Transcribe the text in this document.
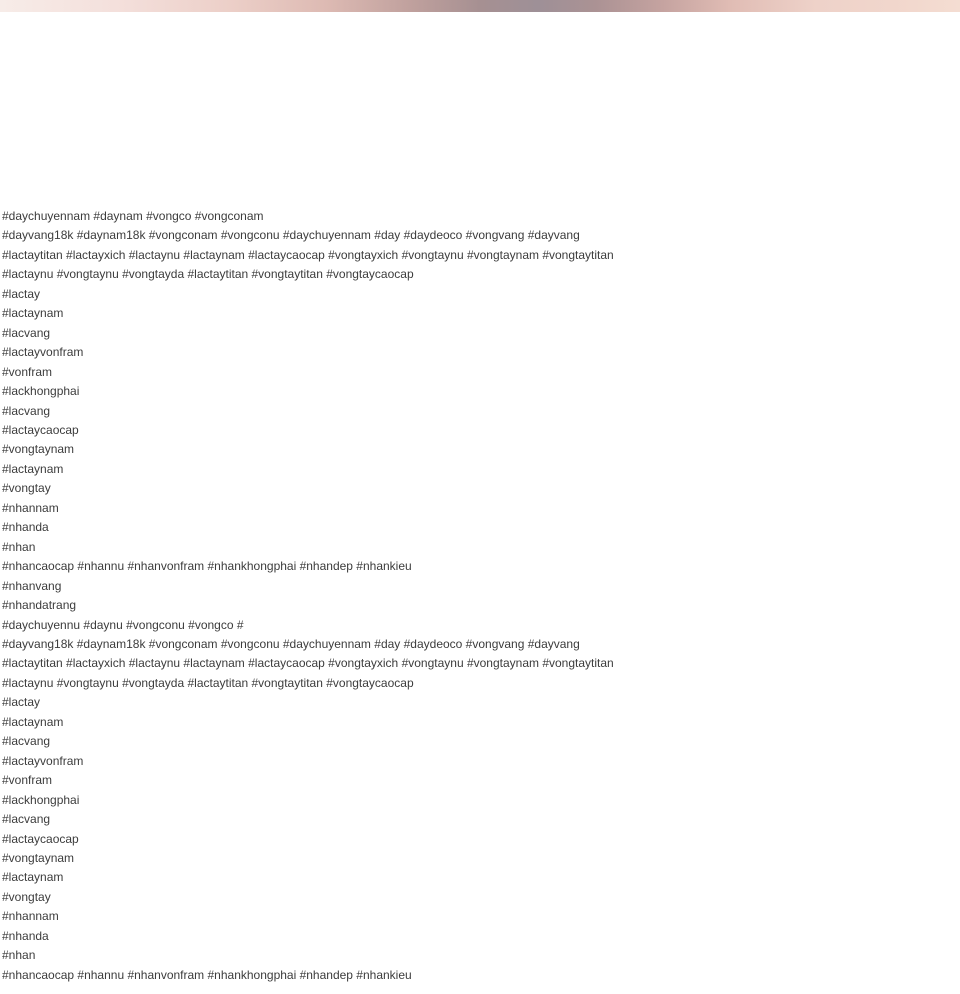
#daychuyennam #daynam #vongco #vongconam

#dayvang18k #daynam18k #vongconam #vongconu #daychuyennam #day #daydeoco #vongvang #dayvang

#lactaytitan #lactayxich #lactaynu #lactaynam #lactaycaocap #vongtayxich #vongtaynu #vongtaynam #vongtaytitan

#lactaynu #vongtaynu #vongtayda #lactaytitan #vongtaytitan #vongtaycaocap

#lactay

#lactaynam

#lacvang

#lactayvonfram

#vonfram

#lackhongphai

#lacvang

#lactaycaocap

#vongtaynam

#lactaynam

#vongtay

#nhannam

#nhanda

#nhan

#nhancaocap #nhannu #nhanvonfram #nhankhongphai #nhandep #nhankieu

#nhanvang

#nhandatrang

#daychuyennu #daynu #vongconu #vongco #

#dayvang18k #daynam18k #vongconam #vongconu #daychuyennam #day #daydeoco #vongvang #dayvang

#lactaytitan #lactayxich #lactaynu #lactaynam #lactaycaocap #vongtayxich #vongtaynu #vongtaynam #vongtaytitan

#lactaynu #vongtaynu #vongtayda #lactaytitan #vongtaytitan #vongtaycaocap

#lactay

#lactaynam

#lacvang

#lactayvonfram

#vonfram

#lackhongphai

#lacvang

#lactaycaocap

#vongtaynam

#lactaynam

#vongtay

#nhannam

#nhanda

#nhan

#nhancaocap #nhannu #nhanvonfram #nhankhongphai #nhandep #nhankieu
